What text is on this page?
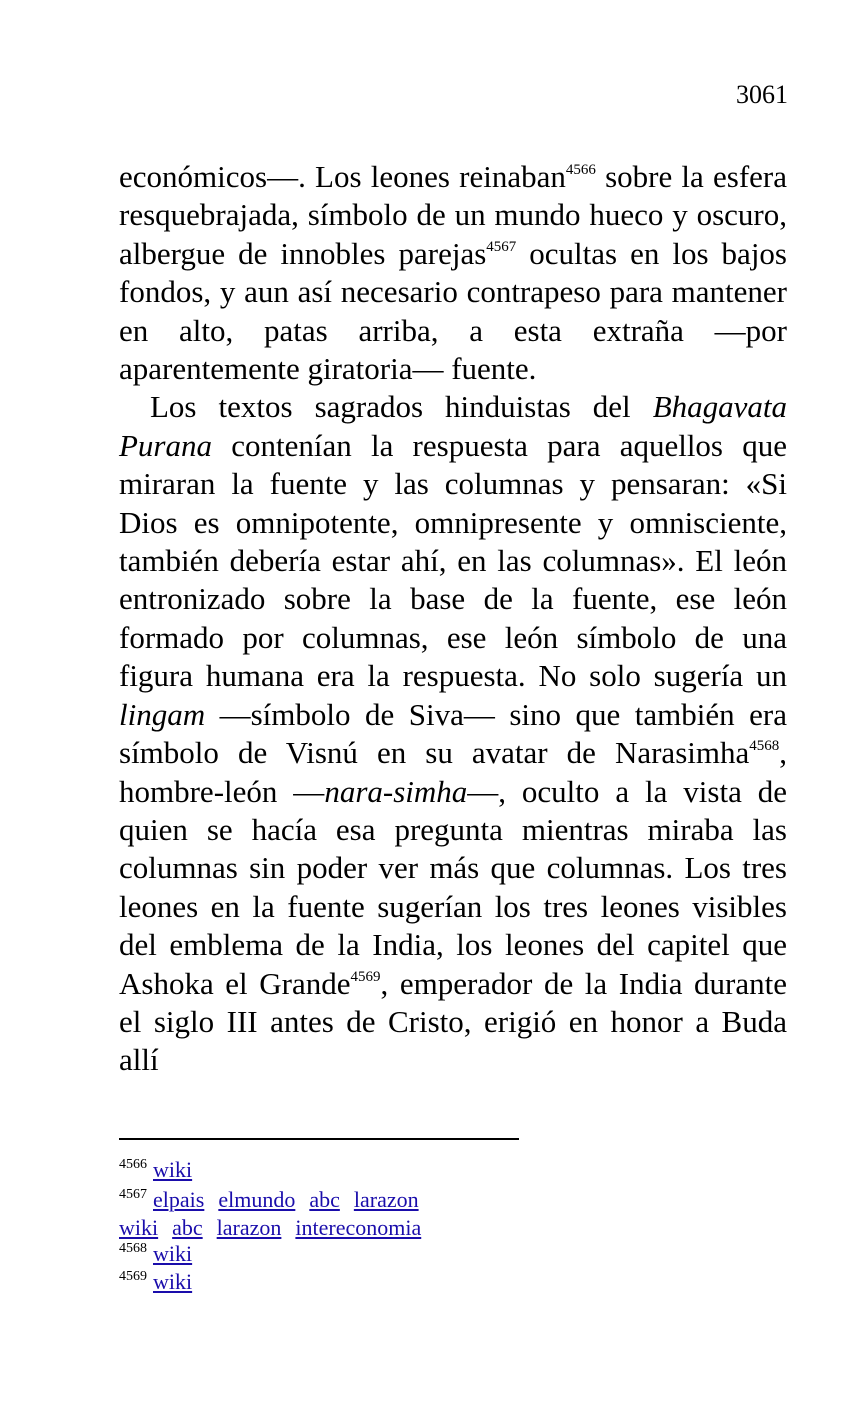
3061

económicos—. Los leones reinaban$^{4566}$ sobre la esfera resquebrajada, símbolo de un mundo hueco y oscuro, albergue de innobles parejas$^{4567}$ ocultas en los bajos fondos, y aun así necesario contrapeso para mantener en alto, patas arriba, a esta extraña —por aparentemente giratoria— fuente.

Los textos sagrados hinduistas del Bhagavata Purana contenían la respuesta para aquellos que miraran la fuente y las columnas y pensaran: «Si Dios es omnipotente, omnipresente y omnisciente, también debería estar ahí, en las columnas». El león entronizado sobre la base de la fuente, ese león formado por columnas, ese león símbolo de una figura humana era la respuesta. No solo sugería un lingam —símbolo de Siva— sino que también era símbolo de Visnú en su avatar de Narasimha$^{4568}$, hombre-león —nara-simha—, oculto a la vista de quien se hacía esa pregunta mientras miraba las columnas sin poder ver más que columnas. Los tres leones en la fuente sugerían los tres leones visibles del emblema de la India, los leones del capitel que Ashoka el Grande$^{4569}$, emperador de la India durante el siglo III antes de Cristo, erigió en honor a Buda allí

$^{4566}$ wiki

$^{4567}$ elpais elmundo abc larazon

wiki abc larazon intereconomia

$^{4568}$ wiki

$^{4569}$ wiki
